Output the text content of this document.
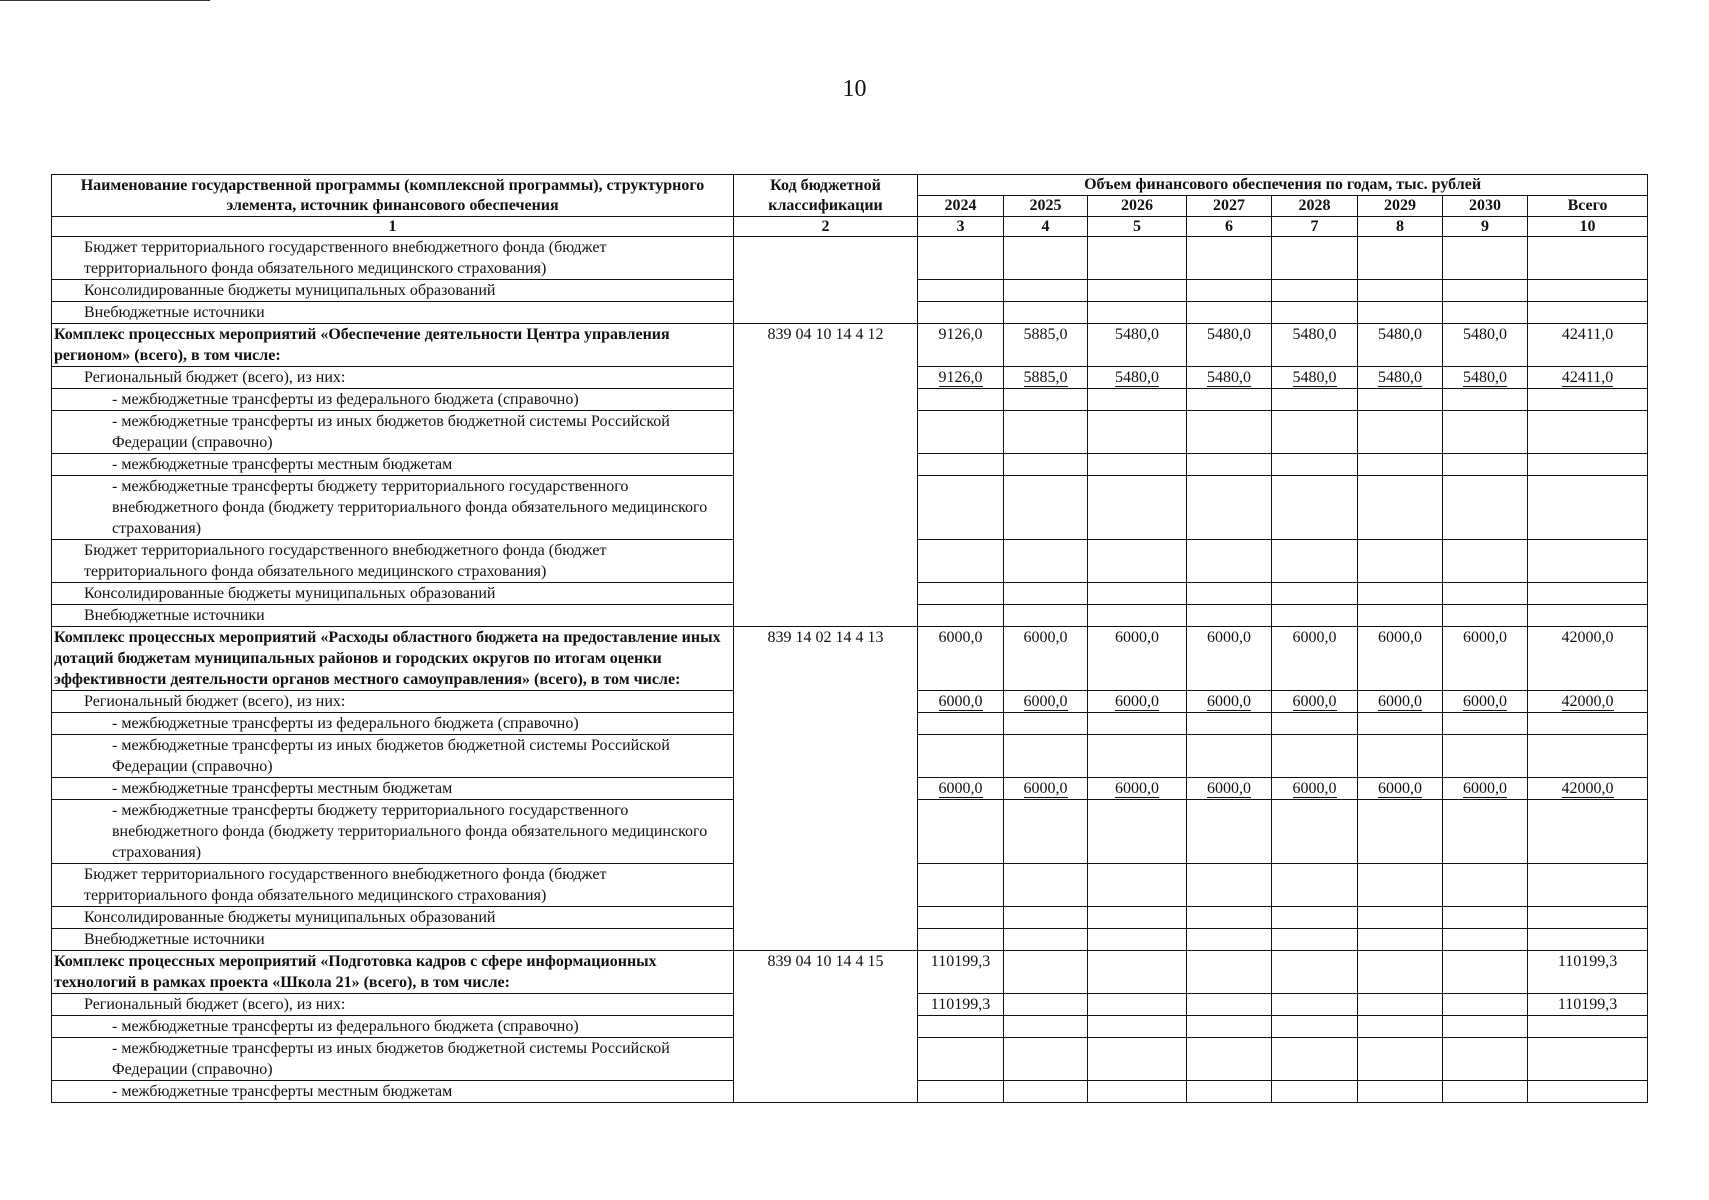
10
Наименование государственной программы (комплексной программы), структурного элемента, источник финансового обеспечения	Код бюджетной классификации	Объем финансового обеспечения по годам, тыс. рублей							
		2024	2025	2026	2027	2028	2029	2030	Всего
1	2	3	4	5	6	7	8	9	10
Бюджет территориального государственного внебюджетного фонда (бюджет территориального фонда обязательного медицинского страхования)									
Консолидированные бюджеты муниципальных образований									
Внебюджетные источники									
Комплекс процессных мероприятий «Обеспечение деятельности Центра управления регионом» (всего), в том числе:	839 04 10 14 4 12	9126,0	5885,0	5480,0	5480,0	5480,0	5480,0	5480,0	42411,0
Региональный бюджет (всего), из них:		9126,0	5885,0	5480,0	5480,0	5480,0	5480,0	5480,0	42411,0
- межбюджетные трансферты из федерального бюджета (справочно)									
- межбюджетные трансферты из иных бюджетов бюджетной системы Российской Федерации (справочно)									
- межбюджетные трансферты местным бюджетам									
- межбюджетные трансферты бюджету территориального государственного внебюджетного фонда (бюджету территориального фонда обязательного медицинского страхования)									
Бюджет территориального государственного внебюджетного фонда (бюджет территориального фонда обязательного медицинского страхования)									
Консолидированные бюджеты муниципальных образований									
Внебюджетные источники									
Комплекс процессных мероприятий «Расходы областного бюджета на предоставление иных дотаций бюджетам муниципальных районов и городских округов по итогам оценки эффективности деятельности органов местного самоуправления» (всего), в том числе:	839 14 02 14 4 13	6000,0	6000,0	6000,0	6000,0	6000,0	6000,0	6000,0	42000,0
Региональный бюджет (всего), из них:		6000,0	6000,0	6000,0	6000,0	6000,0	6000,0	6000,0	42000,0
- межбюджетные трансферты из федерального бюджета (справочно)									
- межбюджетные трансферты из иных бюджетов бюджетной системы Российской Федерации (справочно)									
- межбюджетные трансферты местным бюджетам		6000,0	6000,0	6000,0	6000,0	6000,0	6000,0	6000,0	42000,0
- межбюджетные трансферты бюджету территориального государственного внебюджетного фонда (бюджету территориального фонда обязательного медицинского страхования)									
Бюджет территориального государственного внебюджетного фонда (бюджет территориального фонда обязательного медицинского страхования)									
Консолидированные бюджеты муниципальных образований									
Внебюджетные источники									
Комплекс процессных мероприятий «Подготовка кадров с сфере информационных технологий в рамках проекта «Школа 21» (всего), в том числе:	839 04 10 14 4 15	110199,3							110199,3
Региональный бюджет (всего), из них:		110199,3							110199,3
- межбюджетные трансферты из федерального бюджета (справочно)									
- межбюджетные трансферты из иных бюджетов бюджетной системы Российской Федерации (справочно)									
- межбюджетные трансферты местным бюджетам									
